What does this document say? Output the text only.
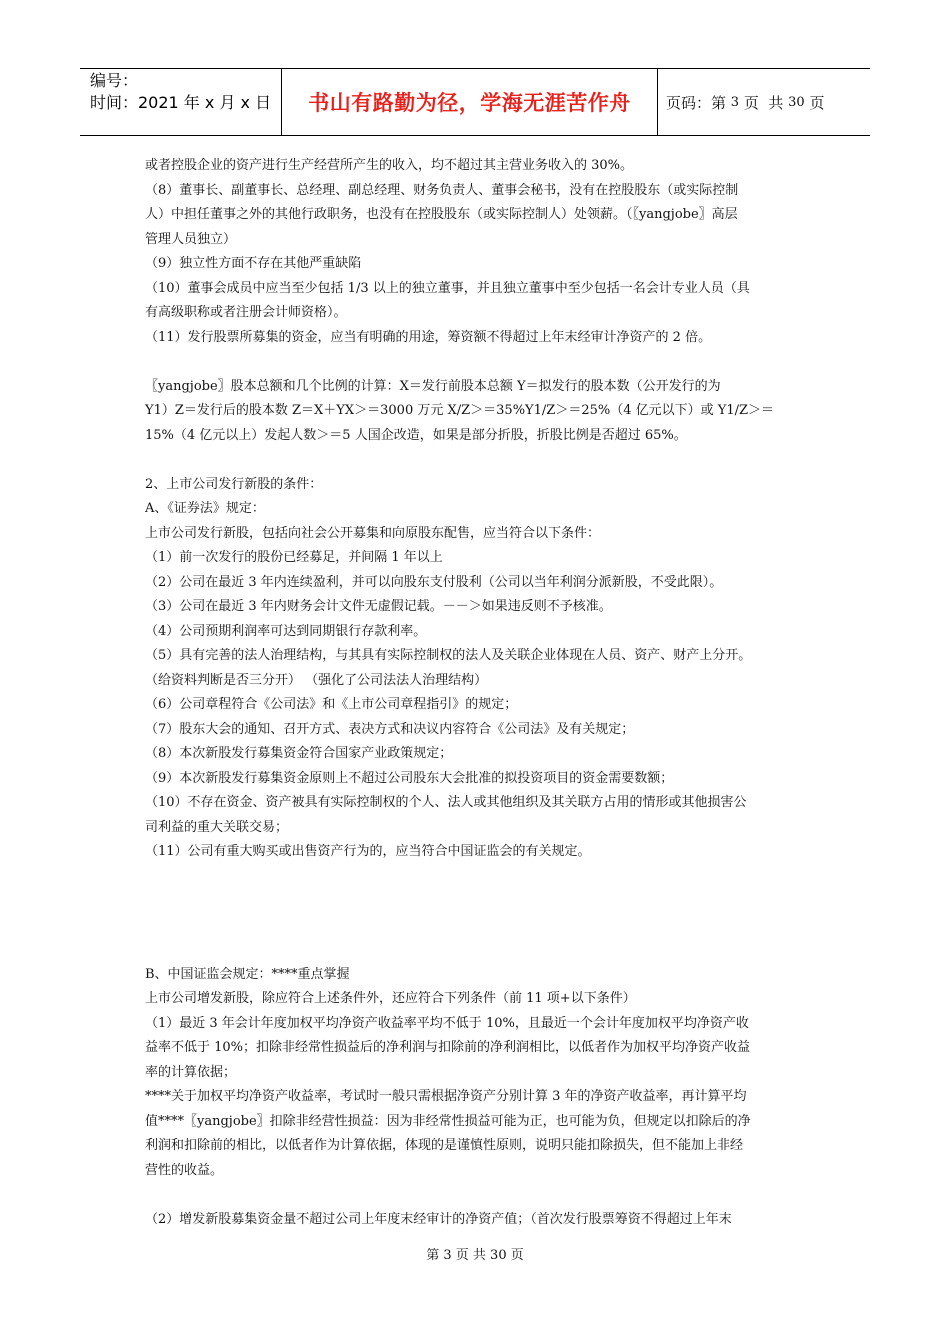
编号：
时间：2021 年 x 月 x 日	书山有路勤为径，学海无涯苦作舟 页码：第 3 页  共 30 页

或者控股企业的资产进行生产经营所产生的收入，均不超过其主营业务收入的 30%。

（8）董事长、副董事长、总经理、副总经理、财务负责人、董事会秘书，没有在控股股东（或实际控制

人）中担任董事之外的其他行政职务，也没有在控股股东（或实际控制人）处领薪。（〖yangjobe〗高层

管理人员独立）

（9）独立性方面不存在其他严重缺陷

（10）董事会成员中应当至少包括 1/3 以上的独立董事，并且独立董事中至少包括一名会计专业人员（具

有高级职称或者注册会计师资格）。

（11）发行股票所募集的资金，应当有明确的用途，筹资额不得超过上年末经审计净资产的 2 倍。

〖yangjobe〗股本总额和几个比例的计算：X＝发行前股本总额 Y＝拟发行的股本数（公开发行的为

Y1）Z＝发行后的股本数 Z＝X＋YX＞＝3000 万元 X/Z＞＝35%Y1/Z＞＝25%（4 亿元以下）或 Y1/Z＞＝

15%（4 亿元以上）发起人数＞＝5 人国企改造，如果是部分折股，折股比例是否超过 65%。

2、上市公司发行新股的条件：

A、《证券法》规定：

上市公司发行新股，包括向社会公开募集和向原股东配售，应当符合以下条件：

（1）前一次发行的股份已经募足，并间隔 1 年以上

（2）公司在最近 3 年内连续盈利，并可以向股东支付股利（公司以当年利润分派新股，不受此限）。

（3）公司在最近 3 年内财务会计文件无虚假记载。－－＞如果违反则不予核准。

（4）公司预期利润率可达到同期银行存款利率。

（5）具有完善的法人治理结构，与其具有实际控制权的法人及关联企业体现在人员、资产、财产上分开。

（给资料判断是否三分开） （强化了公司法法人治理结构）

（6）公司章程符合《公司法》和《上市公司章程指引》的规定；

（7）股东大会的通知、召开方式、表决方式和决议内容符合《公司法》及有关规定；

（8）本次新股发行募集资金符合国家产业政策规定；

（9）本次新股发行募集资金原则上不超过公司股东大会批准的拟投资项目的资金需要数额；

（10）不存在资金、资产被具有实际控制权的个人、法人或其他组织及其关联方占用的情形或其他损害公

司利益的重大关联交易；

（11）公司有重大购买或出售资产行为的，应当符合中国证监会的有关规定。

B、中国证监会规定：****重点掌握

上市公司增发新股，除应符合上述条件外，还应符合下列条件（前 11 项+以下条件）

（1）最近 3 年会计年度加权平均净资产收益率平均不低于 10%，且最近一个会计年度加权平均净资产收

益率不低于 10%；扣除非经常性损益后的净利润与扣除前的净利润相比，以低者作为加权平均净资产收益

率的计算依据；

****关于加权平均净资产收益率，考试时一般只需根据净资产分别计算 3 年的净资产收益率，再计算平均

值****〖yangjobe〗扣除非经营性损益：因为非经常性损益可能为正，也可能为负，但规定以扣除后的净

利润和扣除前的相比，以低者作为计算依据，体现的是谨慎性原则，说明只能扣除损失，但不能加上非经

营性的收益。

（2）增发新股募集资金量不超过公司上年度末经审计的净资产值；（首次发行股票筹资不得超过上年末

第 3 页 共 30 页
